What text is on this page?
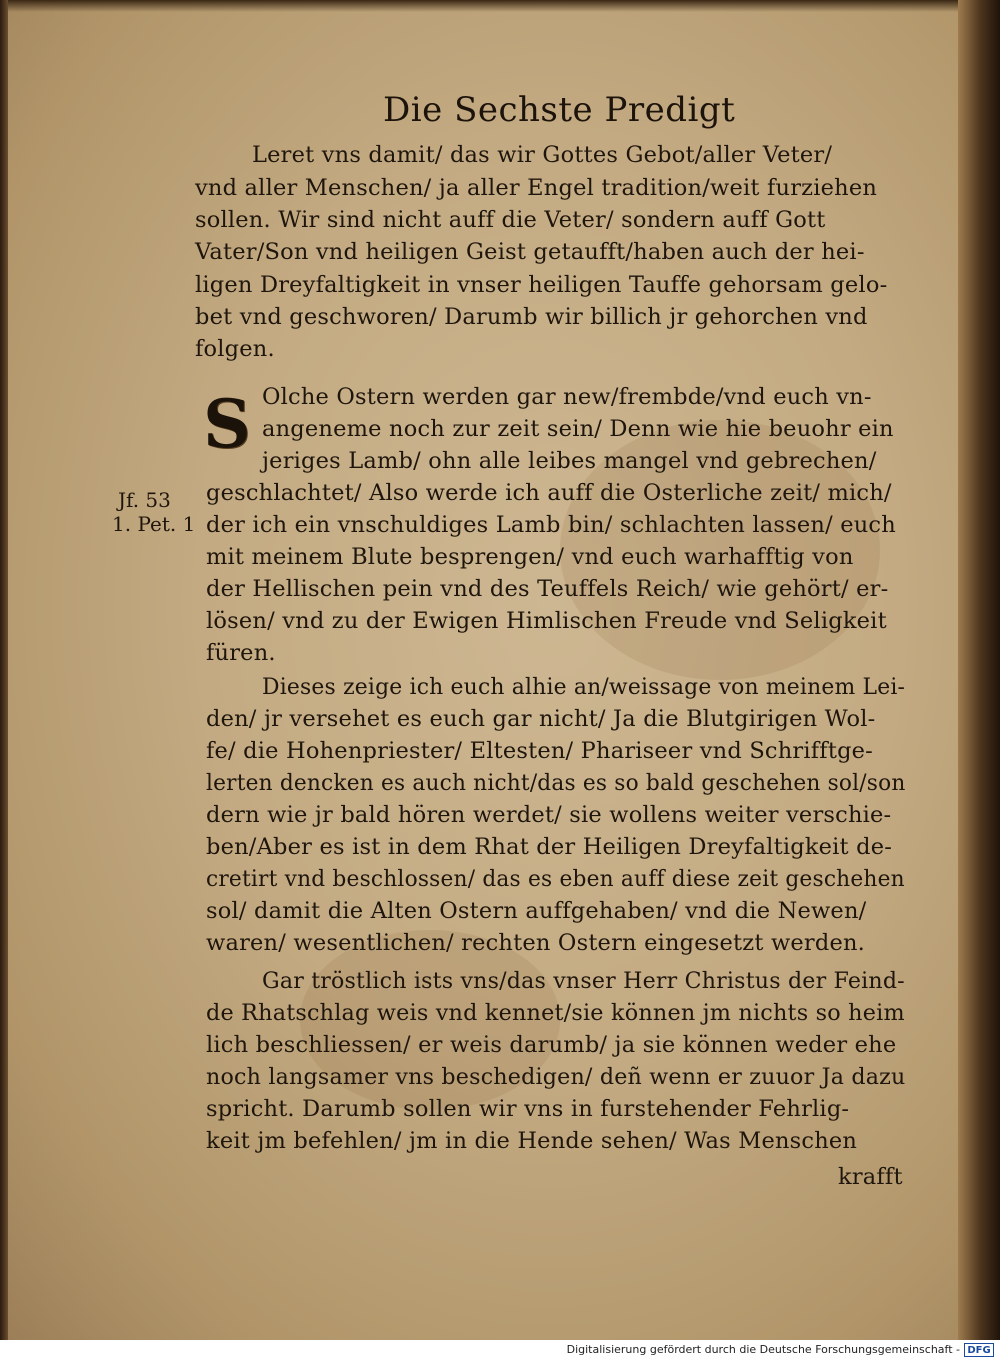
Die Sechste Predigt
Leret vns damit/ das wir Gottes Gebot/aller Veter/
vnd aller Menschen/ ja aller Engel tradition/weit furziehen
sollen. Wir sind nicht auff die Veter/ sondern auff Gott
Vater/Son vnd heiligen Geist getaufft/haben auch der hei-
ligen Dreyfaltigkeit in vnser heiligen Tauffe gehorsam gelo-
bet vnd geschworen/ Darumb wir billich jr gehorchen vnd
folgen.
S Olche Ostern werden gar new/frembde/vnd euch vn-
angeneme noch zur zeit sein/ Denn wie hie beuohr ein
jeriges Lamb/ ohn alle leibes mangel vnd gebrechen/
geschlachtet/ Also werde ich auff die Osterliche zeit/ mich/
der ich ein vnschuldiges Lamb bin/ schlachten lassen/ euch
mit meinem Blute besprengen/ vnd euch warhafftig von
der Hellischen pein vnd des Teuffels Reich/ wie gehört/ er-
lösen/ vnd zu der Ewigen Himlischen Freude vnd Seligkeit
füren.
Jf. 53
1. Pet. 1
Dieses zeige ich euch alhie an/weissage von meinem Lei-
den/ jr versehet es euch gar nicht/ Ja die Blutgirigen Wol-
fe/ die Hohenpriester/ Eltesten/ Phariseer vnd Schrifftge-
lerten dencken es auch nicht/das es so bald geschehen sol/son
dern wie jr bald hören werdet/ sie wollens weiter verschie-
ben/Aber es ist in dem Rhat der Heiligen Dreyfaltigkeit de-
cretirt vnd beschlossen/ das es eben auff diese zeit geschehen
sol/ damit die Alten Ostern auffgehaben/ vnd die Newen/
waren/ wesentlichen/ rechten Ostern eingesetzt werden.
Gar tröstlich ists vns/das vnser Herr Christus der Feind-
de Rhatschlag weis vnd kennet/sie können jm nichts so heim
lich beschliessen/ er weis darumb/ ja sie können weder ehe
noch langsamer vns beschedigen/ deñ wenn er zuuor Ja dazu
spricht. Darumb sollen wir vns in furstehender Fehrlig-
keit jm befehlen/ jm in die Hende sehen/ Was Menschen
krafft
Digitalisierung gefördert durch die Deutsche Forschungsgemeinschaft - DFG
